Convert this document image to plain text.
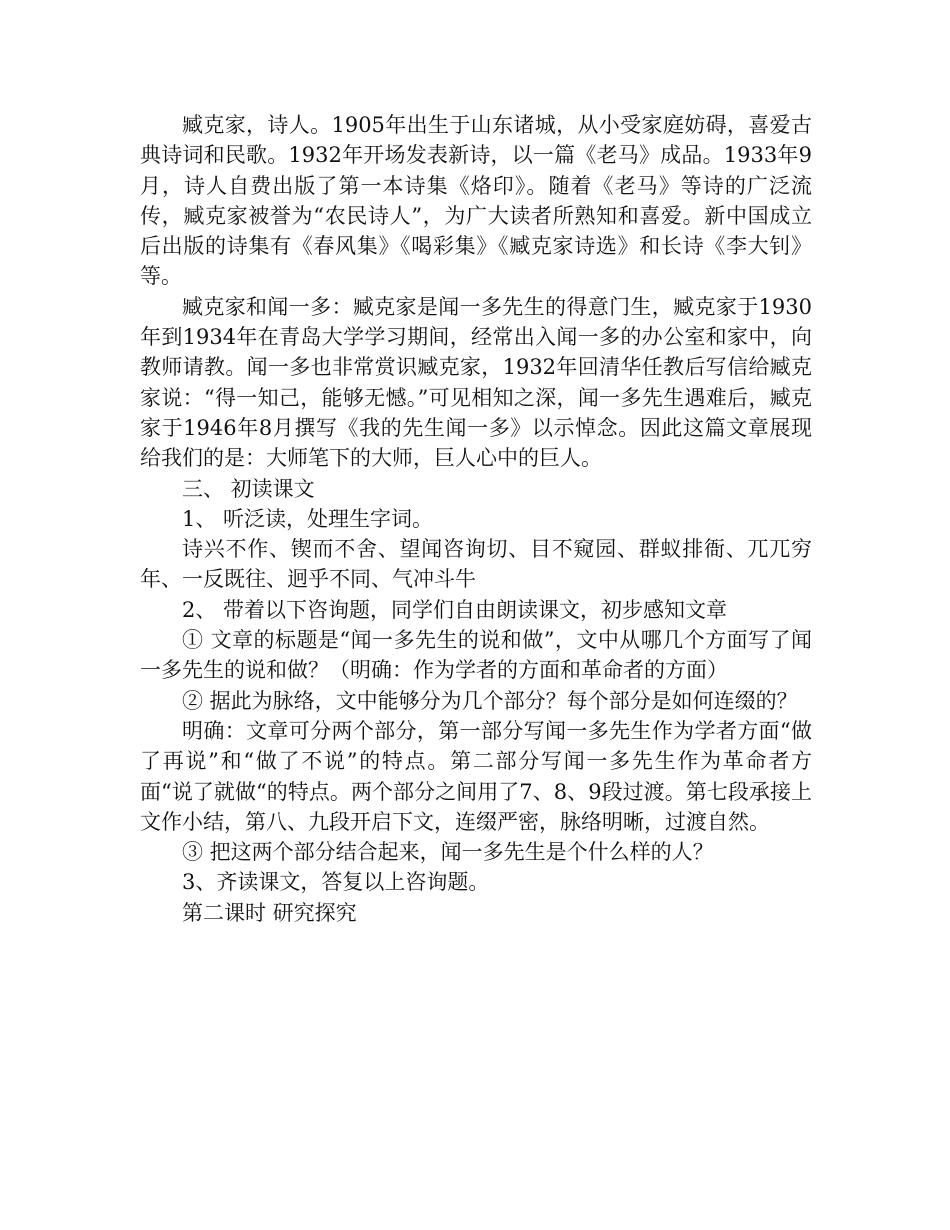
臧克家，诗人。1905年出生于山东诸城，从小受家庭妨碍，喜爱古典诗词和民歌。1932年开场发表新诗，以一篇《老马》成品。1933年9月，诗人自费出版了第一本诗集《烙印》。随着《老马》等诗的广泛流传，臧克家被誉为“农民诗人”，为广大读者所熟知和喜爱。新中国成立后出版的诗集有《春风集》《喝彩集》《臧克家诗选》和长诗《李大钊》等。

臧克家和闻一多：臧克家是闻一多先生的得意门生，臧克家于1930年到1934年在青岛大学学习期间，经常出入闻一多的办公室和家中，向教师请教。闻一多也非常赏识臧克家，1932年回清华任教后写信给臧克家说：“得一知己，能够无憾。”可见相知之深，闻一多先生遇难后，臧克家于1946年8月撰写《我的先生闻一多》以示悼念。因此这篇文章展现给我们的是：大师笔下的大师，巨人心中的巨人。

三、 初读课文

1、 听泛读，处理生字词。

诗兴不作、锲而不舍、望闻咨询切、目不窥园、群蚁排衙、兀兀穷年、一反既往、迥乎不同、气冲斗牛

2、 带着以下咨询题，同学们自由朗读课文，初步感知文章

① 文章的标题是“闻一多先生的说和做”，文中从哪几个方面写了闻一多先生的说和做？（明确：作为学者的方面和革命者的方面）

② 据此为脉络，文中能够分为几个部分？每个部分是如何连缀的？

明确：文章可分两个部分，第一部分写闻一多先生作为学者方面“做了再说”和“做了不说”的特点。第二部分写闻一多先生作为革命者方面“说了就做“的特点。两个部分之间用了7、8、9段过渡。第七段承接上文作小结，第八、九段开启下文，连缀严密，脉络明晰，过渡自然。

③ 把这两个部分结合起来，闻一多先生是个什么样的人？

3、齐读课文，答复以上咨询题。

第二课时 研究探究
